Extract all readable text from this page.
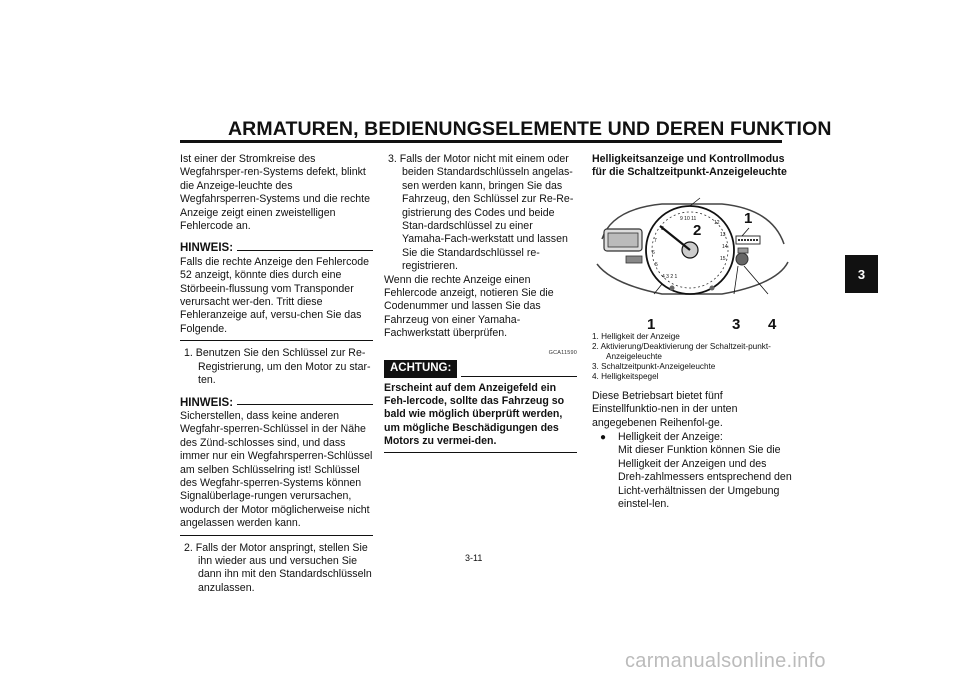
ARMATUREN, BEDIENUNGSELEMENTE UND DEREN FUNKTION
3

Ist einer der Stromkreise des Wegfahrsper-ren-Systems defekt, blinkt die Anzeige-leuchte des Wegfahrsperren-Systems und die rechte Anzeige zeigt einen zweistelligen Fehlercode an.

HINWEIS:

Falls die rechte Anzeige den Fehlercode 52 anzeigt, könnte dies durch eine Störbeein-flussung vom Transponder verursacht wer-den. Tritt diese Fehleranzeige auf, versu-chen Sie das Folgende.

1. Benutzen Sie den Schlüssel zur Re-Registrierung, um den Motor zu star-ten.

HINWEIS:

Sicherstellen, dass keine anderen Wegfahr-sperren-Schlüssel in der Nähe des Zünd-schlosses sind, und dass immer nur ein Wegfahrsperren-Schlüssel am selben Schlüsselring ist! Schlüssel des Wegfahr-sperren-Systems können Signalüberlage-rungen verursachen, wodurch der Motor möglicherweise nicht angelassen werden kann.

2. Falls der Motor anspringt, stellen Sie ihn wieder aus und versuchen Sie dann ihn mit den Standardschlüsseln anzulassen.

3. Falls der Motor nicht mit einem oder beiden Standardschlüsseln angelas-sen werden kann, bringen Sie das Fahrzeug, den Schlüssel zur Re-Re-gistrierung des Codes und beide Stan-dardschlüssel zu einer Yamaha-Fach-werkstatt und lassen Sie die Standardschlüssel re-registrieren.

Wenn die rechte Anzeige einen Fehlercode anzeigt, notieren Sie die Codenummer und lassen Sie das Fahrzeug von einer Yamaha-Fachwerkstatt überprüfen.

GCA11590
ACHTUNG:

Erscheint auf dem Anzeigefeld ein Feh-lercode, sollte das Fahrzeug so bald wie möglich überprüft werden, um mögliche Beschädigungen des Motors zu vermei-den.

Helligkeitsanzeige und Kontrollmodus für die Schaltzeitpunkt-Anzeigeleuchte

9 10 11
8
7
6
5
4 3 2 1
12
13
14
15
1
2
1	3 4

1. Helligkeit der Anzeige

2. Aktivierung/Deaktivierung der Schaltzeit-punkt-Anzeigeleuchte

3. Schaltzeitpunkt-Anzeigeleuchte

4. Helligkeitspegel

Diese Betriebsart bietet fünf Einstellfunktio-nen in der unten angegebenen Reihenfol-ge.

●	Helligkeit der Anzeige:

Mit dieser Funktion können Sie die Helligkeit der Anzeigen und des Dreh-zahlmessers entsprechend den Licht-verhältnissen der Umgebung einstel-len.

3-11
carmanualsonline.info
